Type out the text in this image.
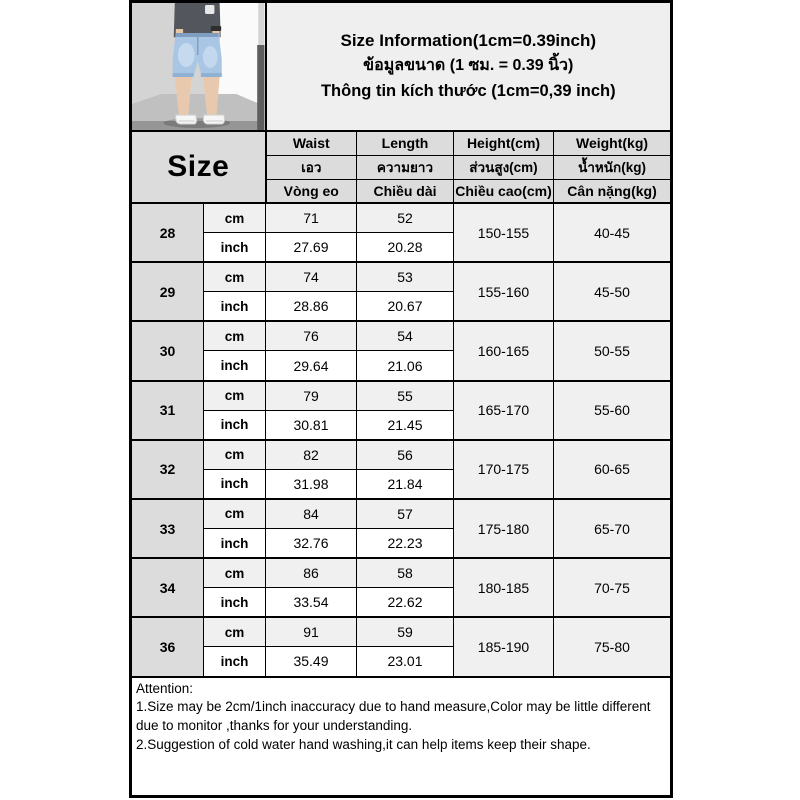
Size Information(1cm=0.39inch)
ข้อมูลขนาด (1 ซม. = 0.39 นิ้ว)
Thông tin kích thước (1cm=0,39 inch)			

Size		Waist	Length	Height(cm)	Weight(kg)
		เอว	ความยาว	ส่วนสูง(cm)	น้ำหนัก(kg)
		Vòng eo	Chiều dài	Chiều cao(cm)	Cân nặng(kg)
28	cm	71	52	150-155	40-45
	inch	27.69	20.28		
29	cm	74	53	155-160	45-50
	inch	28.86	20.67		
30	cm	76	54	160-165	50-55
	inch	29.64	21.06		
31	cm	79	55	165-170	55-60
	inch	30.81	21.45		
32	cm	82	56	170-175	60-65
	inch	31.98	21.84		
33	cm	84	57	175-180	65-70
	inch	32.76	22.23		
34	cm	86	58	180-185	70-75
	inch	33.54	22.62		
36	cm	91	59	185-190	75-80
	inch	35.49	23.01		

Attention:
1.Size may be 2cm/1inch inaccuracy due to hand measure,Color may be little different due to monitor ,thanks for your understanding.
2.Suggestion of cold water hand washing,it can help items keep their shape.					
